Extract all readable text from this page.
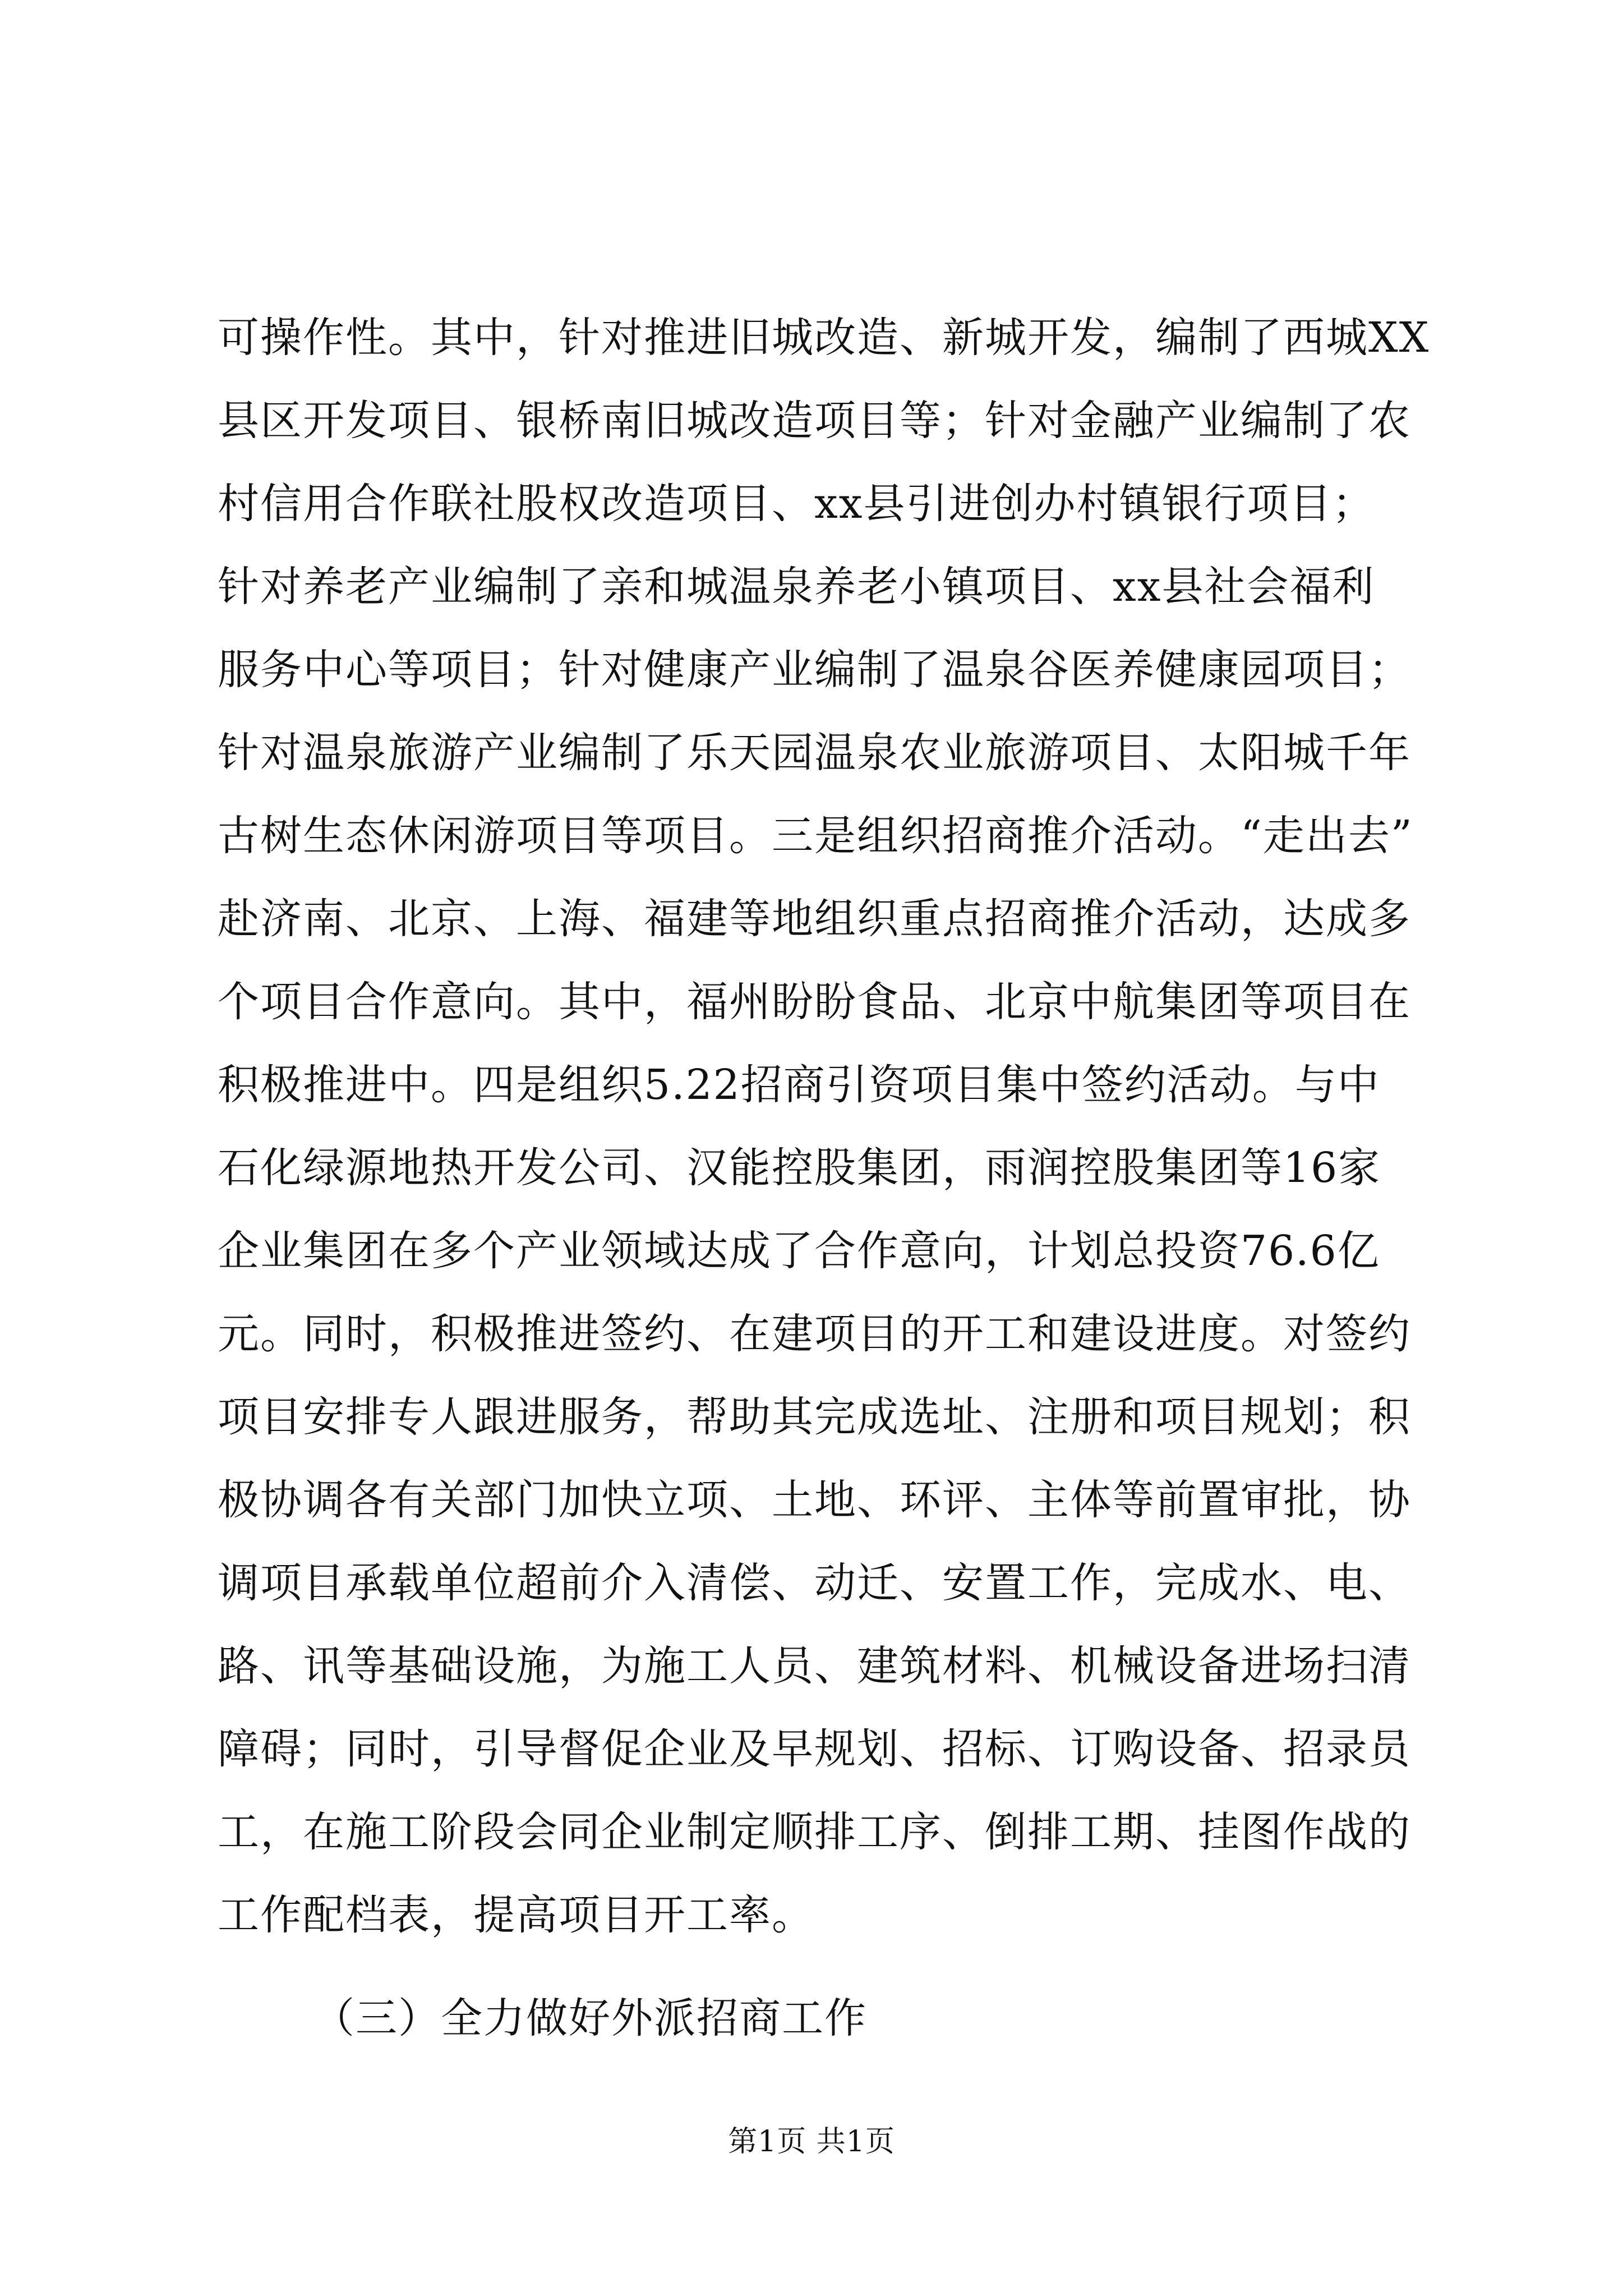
可操作性。其中，针对推进旧城改造、新城开发，编制了西城XX
县区开发项目、银桥南旧城改造项目等；针对金融产业编制了农
村信用合作联社股权改造项目、xx县引进创办村镇银行项目；
针对养老产业编制了亲和城温泉养老小镇项目、xx县社会福利
服务中心等项目；针对健康产业编制了温泉谷医养健康园项目；
针对温泉旅游产业编制了乐天园温泉农业旅游项目、太阳城千年
古树生态休闲游项目等项目。三是组织招商推介活动。“走出去”
赴济南、北京、上海、福建等地组织重点招商推介活动，达成多
个项目合作意向。其中，福州盼盼食品、北京中航集团等项目在
积极推进中。四是组织5.22招商引资项目集中签约活动。与中
石化绿源地热开发公司、汉能控股集团，雨润控股集团等16家
企业集团在多个产业领域达成了合作意向，计划总投资76.6亿
元。同时，积极推进签约、在建项目的开工和建设进度。对签约
项目安排专人跟进服务，帮助其完成选址、注册和项目规划；积
极协调各有关部门加快立项、土地、环评、主体等前置审批，协
调项目承载单位超前介入清偿、动迁、安置工作，完成水、电、
路、讯等基础设施，为施工人员、建筑材料、机械设备进场扫清
障碍；同时，引导督促企业及早规划、招标、订购设备、招录员
工，在施工阶段会同企业制定顺排工序、倒排工期、挂图作战的
工作配档表，提高项目开工率。
（三）全力做好外派招商工作
第1页 共1页
